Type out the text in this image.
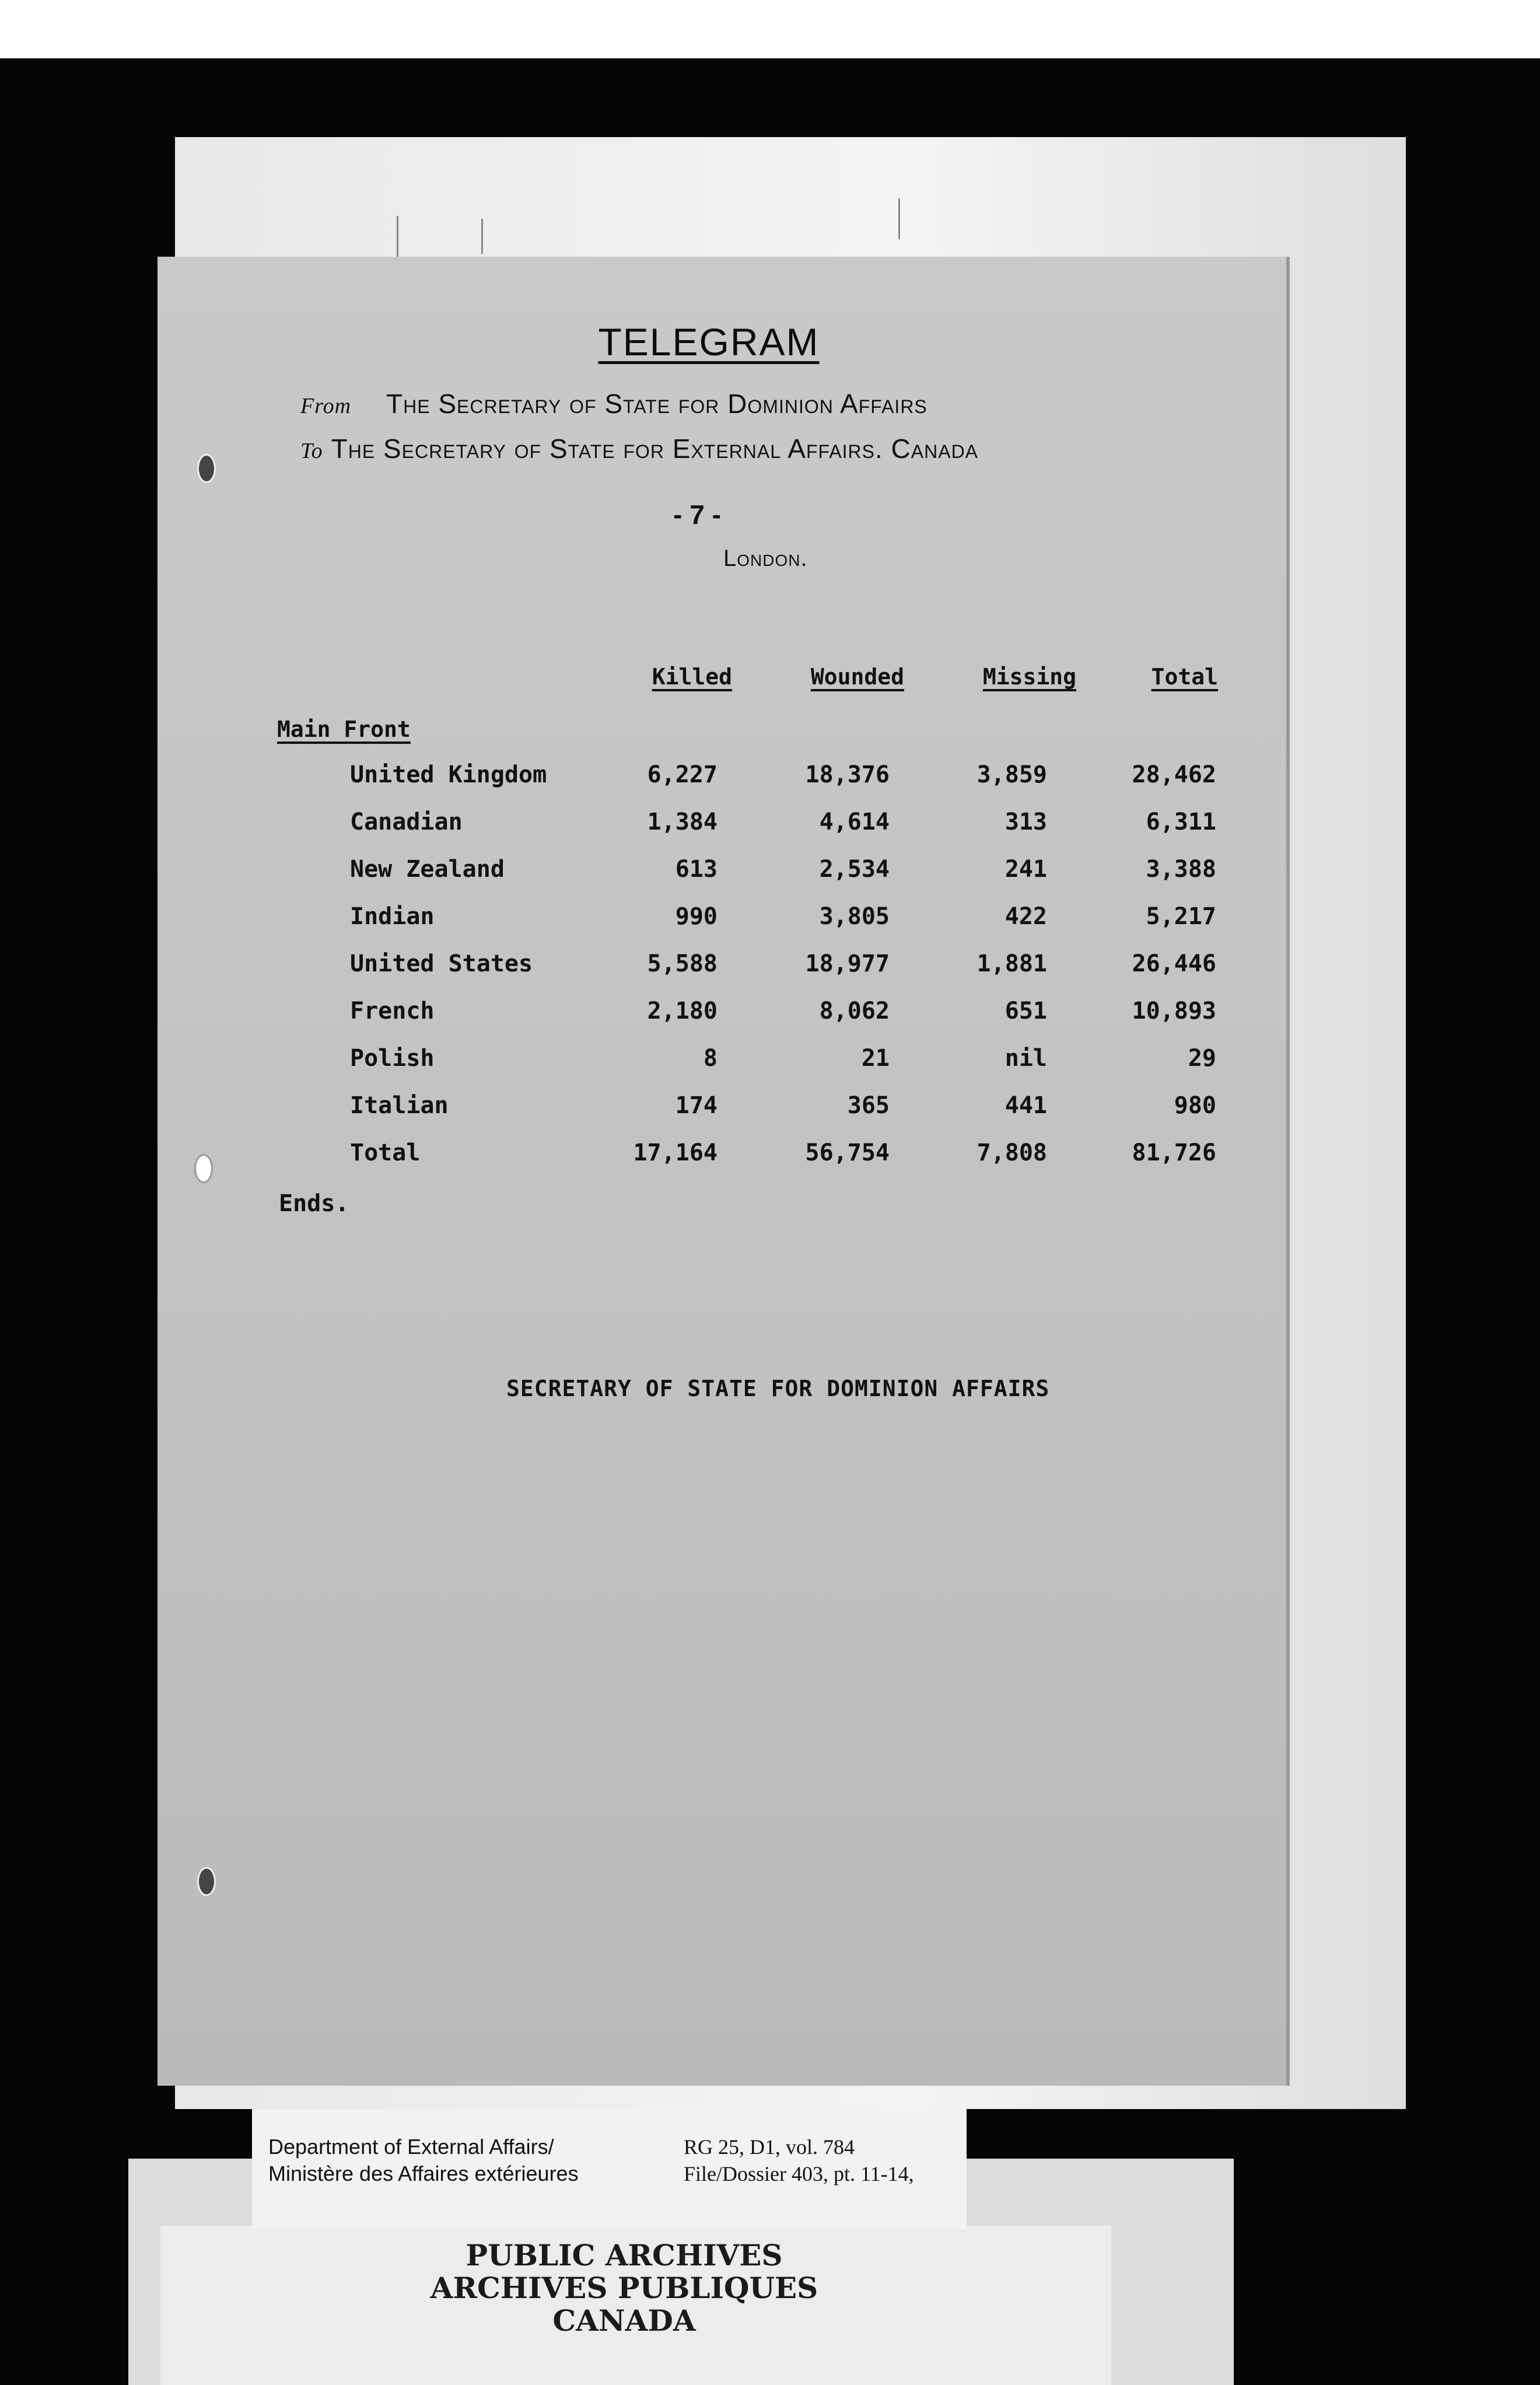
TELEGRAM
From The Secretary of State for Dominion Affairs
To The Secretary of State for External Affairs. Canada
- 7 -
London.
Killed	Wounded	Missing	Total
Main Front
United Kingdom	6,227	18,376	3,859	28,462
Canadian	1,384	4,614	313	6,311
New Zealand	613	2,534	241	3,388
Indian	990	3,805	422	5,217
United States	5,588	18,977	1,881	26,446
French	2,180	8,062	651	10,893
Polish	8	21	nil	29
Italian	174	365	441	980
Total	17,164	56,754	7,808	81,726
Ends.
SECRETARY OF STATE FOR DOMINION AFFAIRS
Department of External Affairs/
Ministère des Affaires extérieures
RG 25, D1, vol. 784
File/Dossier 403, pt. 11-14,
PUBLIC ARCHIVES
ARCHIVES PUBLIQUES
CANADA
